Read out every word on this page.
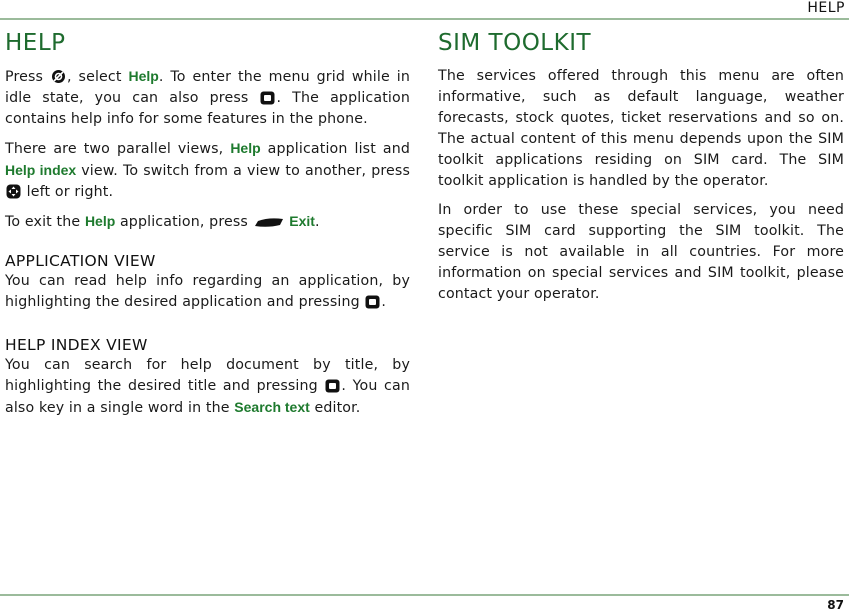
HELP
HELP

Press
, select Help. To enter the menu grid while in idle state, you can also press
. The application contains help info for some features in the phone.

There are two parallel views, Help application list and Help index view. To switch from a view to another, press
left or right.

To exit the Help application, press	Exit.

APPLICATION VIEW

You can read help info regarding an application, by highlighting the desired application and pressing
.

HELP INDEX VIEW

You can search for help document by title, by highlighting the desired title and pressing
. You can also key in a single word in the Search text editor.

SIM TOOLKIT

The services offered through this menu are often informative, such as default language, weather forecasts, stock quotes, ticket reservations and so on. The actual content of this menu depends upon the SIM toolkit applications residing on SIM card. The SIM toolkit application is handled by the operator.

In order to use these special services, you need specific SIM card supporting the SIM toolkit. The service is not available in all countries. For more information on special services and SIM toolkit, please contact your operator.

87
